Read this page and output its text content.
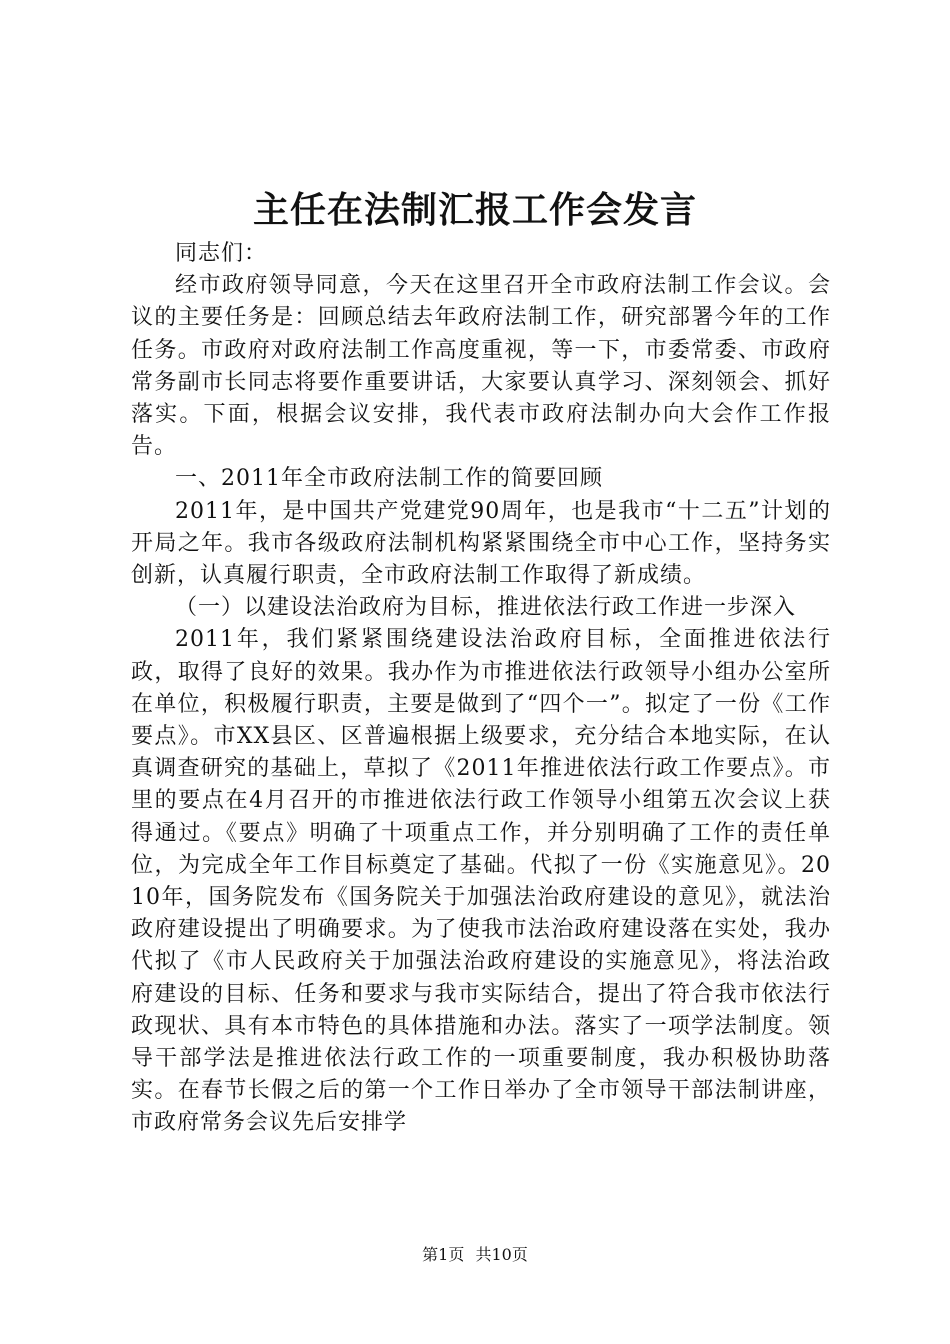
主任在法制汇报工作会发言

同志们：

经市政府领导同意，今天在这里召开全市政府法制工作会议。会议的主要任务是：回顾总结去年政府法制工作，研究部署今年的工作任务。市政府对政府法制工作高度重视，等一下，市委常委、市政府常务副市长同志将要作重要讲话，大家要认真学习、深刻领会、抓好落实。下面，根据会议安排，我代表市政府法制办向大会作工作报告。

一、2011年全市政府法制工作的简要回顾

2011年，是中国共产党建党90周年，也是我市“十二五”计划的开局之年。我市各级政府法制机构紧紧围绕全市中心工作，坚持务实创新，认真履行职责，全市政府法制工作取得了新成绩。

（一）以建设法治政府为目标，推进依法行政工作进一步深入

2011年，我们紧紧围绕建设法治政府目标，全面推进依法行政，取得了良好的效果。我办作为市推进依法行政领导小组办公室所在单位，积极履行职责，主要是做到了“四个一”。拟定了一份《工作要点》。市XX县区、区普遍根据上级要求，充分结合本地实际，在认真调查研究的基础上，草拟了《2011年推进依法行政工作要点》。市里的要点在4月召开的市推进依法行政工作领导小组第五次会议上获得通过。《要点》明确了十项重点工作，并分别明确了工作的责任单位，为完成全年工作目标奠定了基础。代拟了一份《实施意见》。2010年，国务院发布《国务院关于加强法治政府建设的意见》，就法治政府建设提出了明确要求。为了使我市法治政府建设落在实处，我办代拟了《市人民政府关于加强法治政府建设的实施意见》，将法治政府建设的目标、任务和要求与我市实际结合，提出了符合我市依法行政现状、具有本市特色的具体措施和办法。落实了一项学法制度。领导干部学法是推进依法行政工作的一项重要制度，我办积极协助落实。在春节长假之后的第一个工作日举办了全市领导干部法制讲座，市政府常务会议先后安排学

第1页 共10页
